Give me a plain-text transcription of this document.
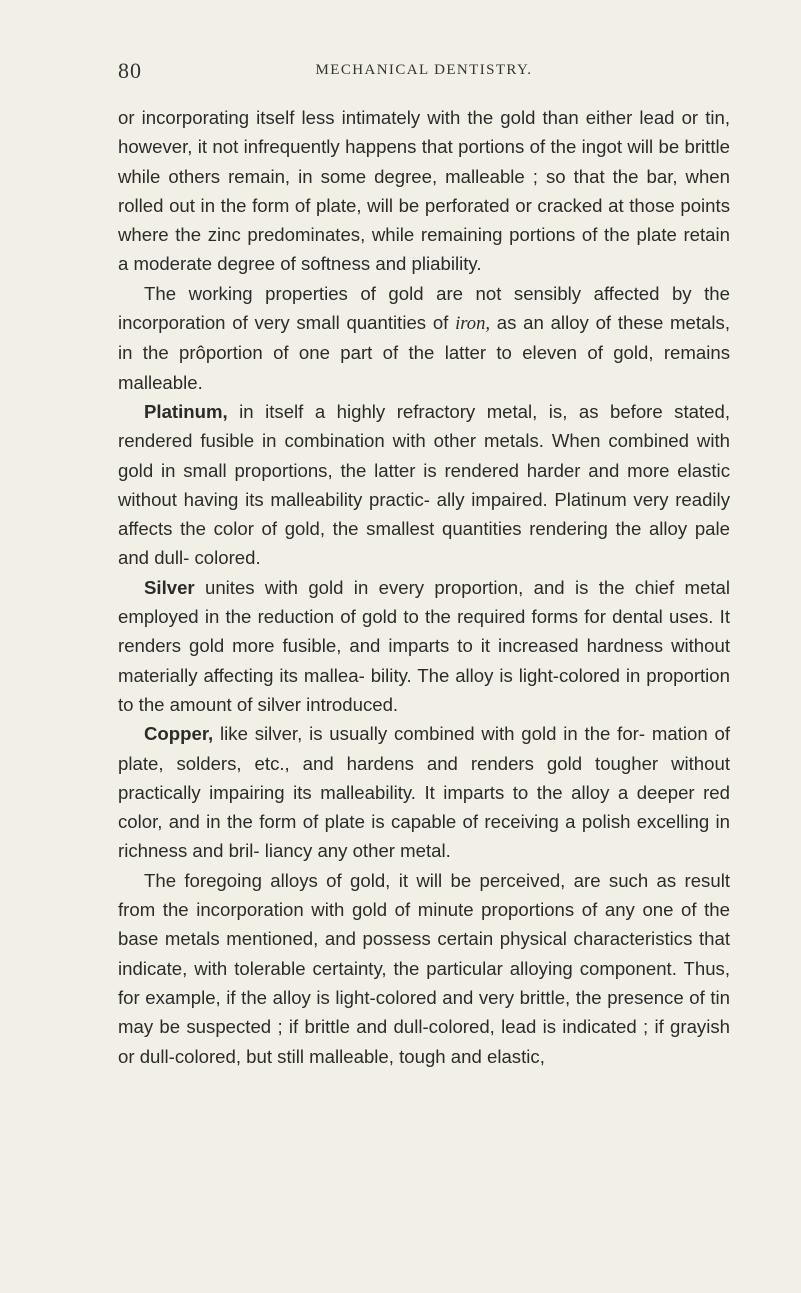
80	MECHANICAL DENTISTRY.

or incorporating itself less intimately with the gold than either lead or tin, however, it not infrequently happens that portions of the ingot will be brittle while others remain, in some degree, malleable ; so that the bar, when rolled out in the form of plate, will be perforated or cracked at those points where the zinc predominates, while remaining portions of the plate retain a moderate degree of softness and pliability.

The working properties of gold are not sensibly affected by the incorporation of very small quantities of iron, as an alloy of these metals, in the prôportion of one part of the latter to eleven of gold, remains malleable.

Platinum, in itself a highly refractory metal, is, as before stated, rendered fusible in combination with other metals. When combined with gold in small proportions, the latter is rendered harder and more elastic without having its malleability practic- ally impaired. Platinum very readily affects the color of gold, the smallest quantities rendering the alloy pale and dull- colored.

Silver unites with gold in every proportion, and is the chief metal employed in the reduction of gold to the required forms for dental uses. It renders gold more fusible, and imparts to it increased hardness without materially affecting its mallea- bility. The alloy is light-colored in proportion to the amount of silver introduced.

Copper, like silver, is usually combined with gold in the for- mation of plate, solders, etc., and hardens and renders gold tougher without practically impairing its malleability. It imparts to the alloy a deeper red color, and in the form of plate is capable of receiving a polish excelling in richness and bril- liancy any other metal.

The foregoing alloys of gold, it will be perceived, are such as result from the incorporation with gold of minute proportions of any one of the base metals mentioned, and possess certain physical characteristics that indicate, with tolerable certainty, the particular alloying component. Thus, for example, if the alloy is light-colored and very brittle, the presence of tin may be suspected ; if brittle and dull-colored, lead is indicated ; if grayish or dull-colored, but still malleable, tough and elastic,
